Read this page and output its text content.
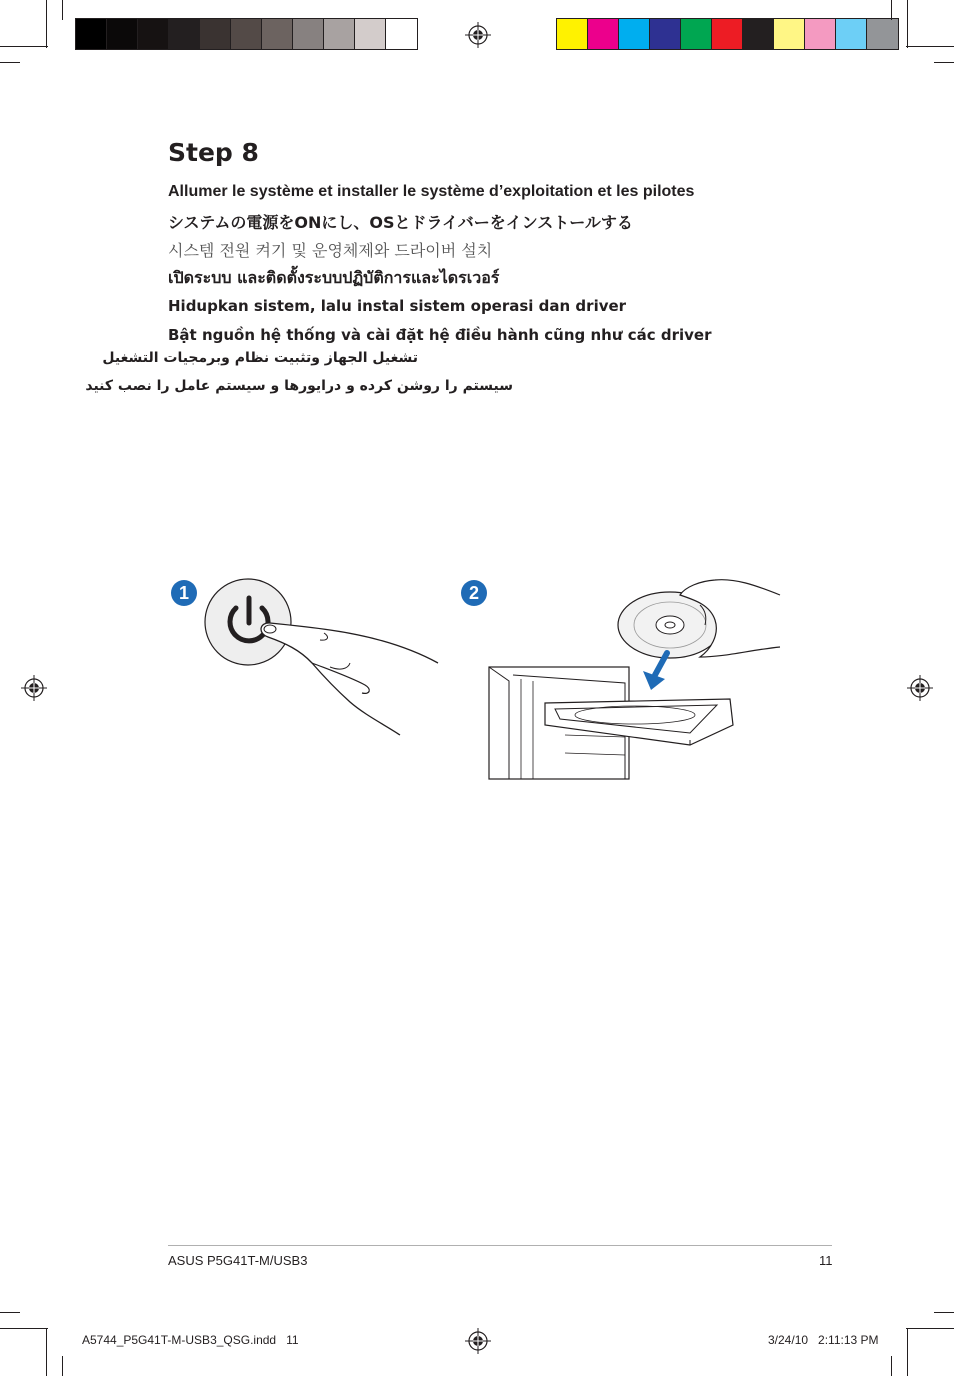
Step 8
Allumer le système et installer le système d’exploitation et les pilotes
システムの電源をONにし、OSとドライバーをインストールする
시스템 전원 켜기 및 운영체제와 드라이버 설치
เปิดระบบ และติดตั้งระบบปฏิบัติการและไดรเวอร์
Hidupkan sistem, lalu instal sistem operasi dan driver
Bật nguồn hệ thống và cài đặt hệ điều hành cũng như các driver
تشغيل الجهاز وتثبيت نظام وبرمجيات التشغيل
سیستم را روشن کرده و درایورها و سیستم عامل را نصب کنید
1	2
ASUS P5G41T-M/USB3	11
A5744_P5G41T-M-USB3_QSG.indd   11	3/24/10   2:11:13 PM
